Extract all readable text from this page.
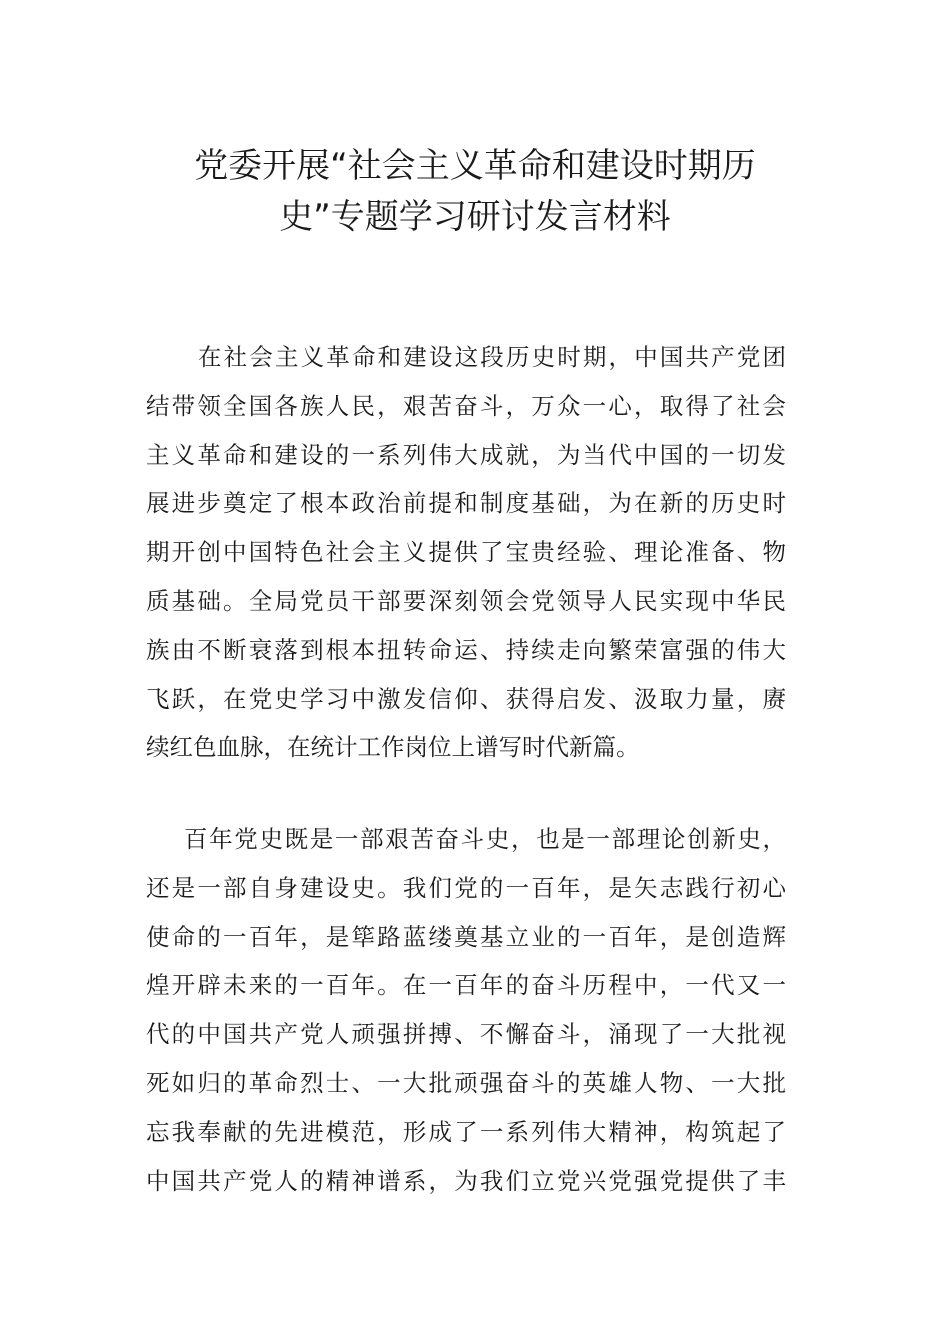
党委开展“社会主义革命和建设时期历
史”专题学习研讨发言材料
在社会主义革命和建设这段历史时期，中国共产党团
结带领全国各族人民，艰苦奋斗，万众一心，取得了社会
主义革命和建设的一系列伟大成就，为当代中国的一切发
展进步奠定了根本政治前提和制度基础，为在新的历史时
期开创中国特色社会主义提供了宝贵经验、理论准备、物
质基础。全局党员干部要深刻领会党领导人民实现中华民
族由不断衰落到根本扭转命运、持续走向繁荣富强的伟大
飞跃，在党史学习中激发信仰、获得启发、汲取力量，赓
续红色血脉，在统计工作岗位上谱写时代新篇。
百年党史既是一部艰苦奋斗史，也是一部理论创新史，
还是一部自身建设史。我们党的一百年，是矢志践行初心
使命的一百年，是筚路蓝缕奠基立业的一百年，是创造辉
煌开辟未来的一百年。在一百年的奋斗历程中，一代又一
代的中国共产党人顽强拼搏、不懈奋斗，涌现了一大批视
死如归的革命烈士、一大批顽强奋斗的英雄人物、一大批
忘我奉献的先进模范，形成了一系列伟大精神，构筑起了
中国共产党人的精神谱系，为我们立党兴党强党提供了丰
